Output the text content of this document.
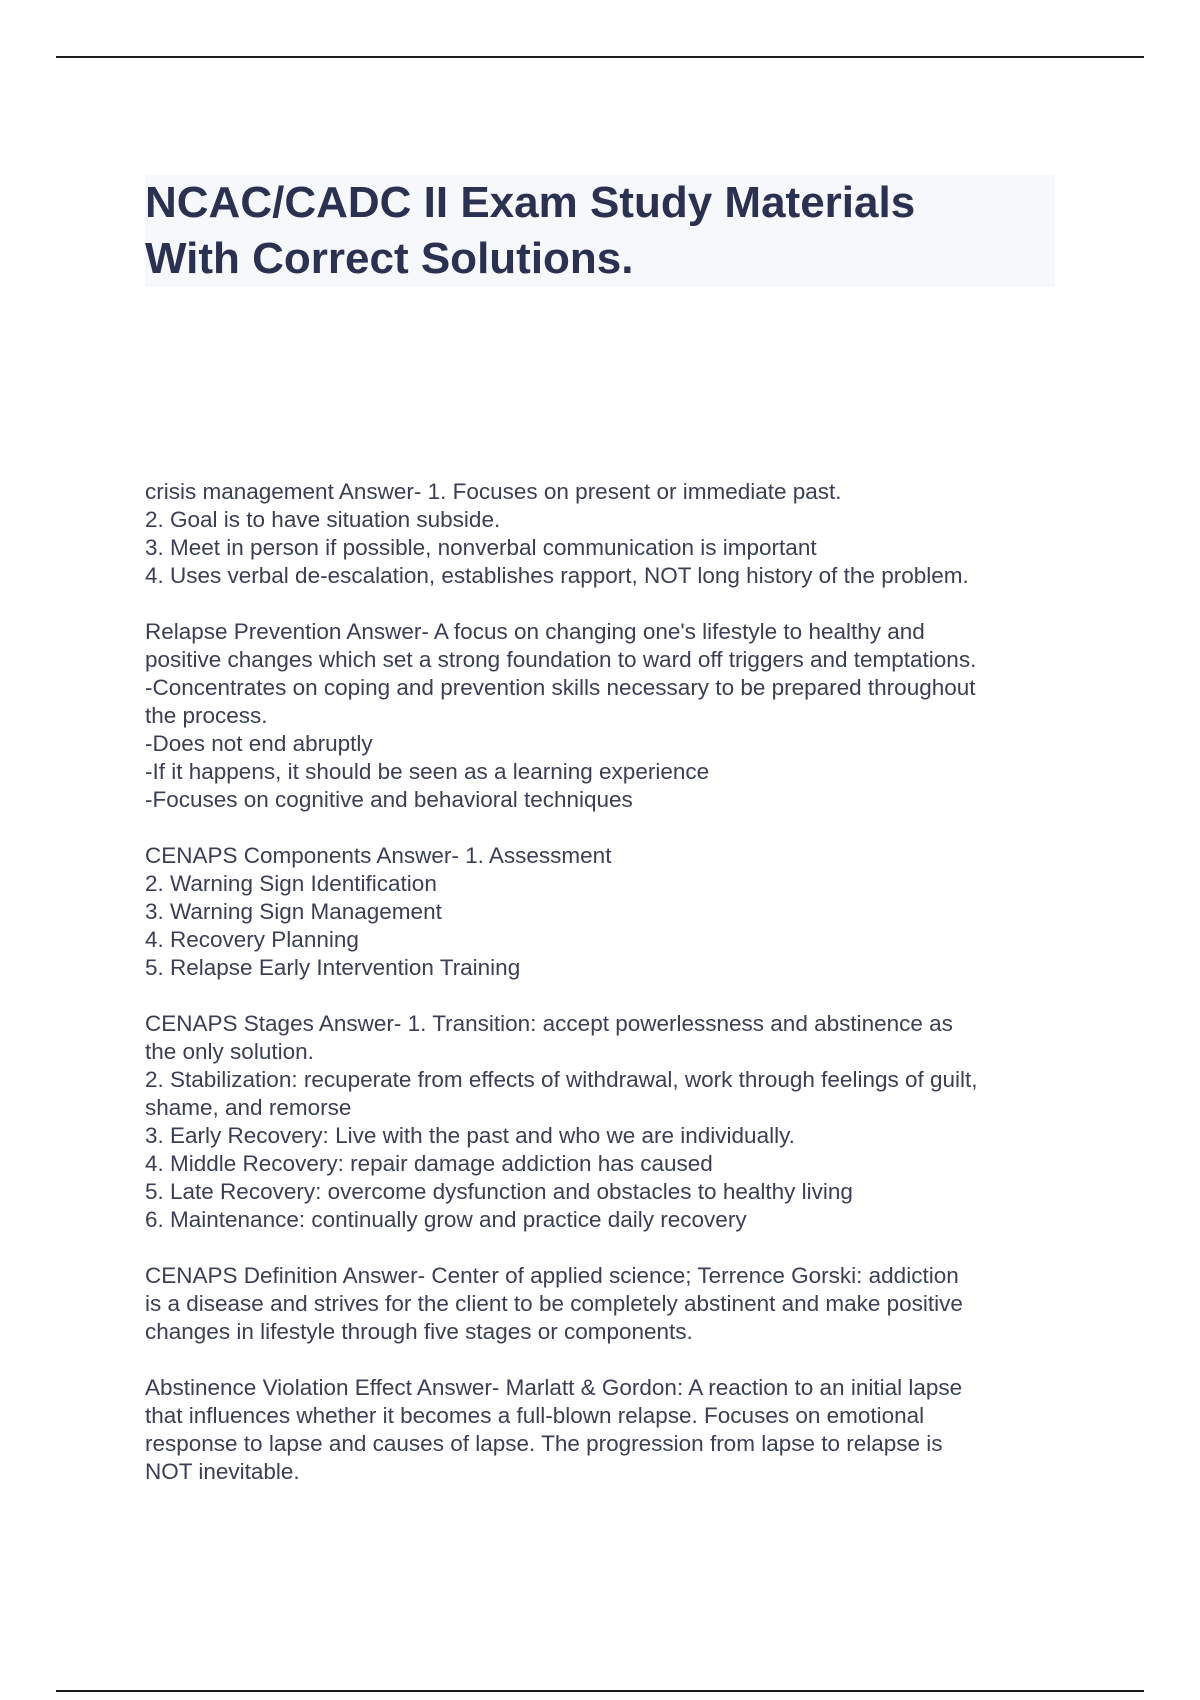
NCAC/CADC II Exam Study Materials
With Correct Solutions.
crisis management Answer- 1. Focuses on present or immediate past.
2. Goal is to have situation subside.
3. Meet in person if possible, nonverbal communication is important
4. Uses verbal de-escalation, establishes rapport, NOT long history of the problem.
Relapse Prevention Answer- A focus on changing one's lifestyle to healthy and
positive changes which set a strong foundation to ward off triggers and temptations.
-Concentrates on coping and prevention skills necessary to be prepared throughout
the process.
-Does not end abruptly
-If it happens, it should be seen as a learning experience
-Focuses on cognitive and behavioral techniques
CENAPS Components Answer- 1. Assessment
2. Warning Sign Identification
3. Warning Sign Management
4. Recovery Planning
5. Relapse Early Intervention Training
CENAPS Stages Answer- 1. Transition: accept powerlessness and abstinence as
the only solution.
2. Stabilization: recuperate from effects of withdrawal, work through feelings of guilt,
shame, and remorse
3. Early Recovery: Live with the past and who we are individually.
4. Middle Recovery: repair damage addiction has caused
5. Late Recovery: overcome dysfunction and obstacles to healthy living
6. Maintenance: continually grow and practice daily recovery
CENAPS Definition Answer- Center of applied science; Terrence Gorski: addiction
is a disease and strives for the client to be completely abstinent and make positive
changes in lifestyle through five stages or components.
Abstinence Violation Effect Answer- Marlatt & Gordon: A reaction to an initial lapse
that influences whether it becomes a full-blown relapse. Focuses on emotional
response to lapse and causes of lapse. The progression from lapse to relapse is
NOT inevitable.
